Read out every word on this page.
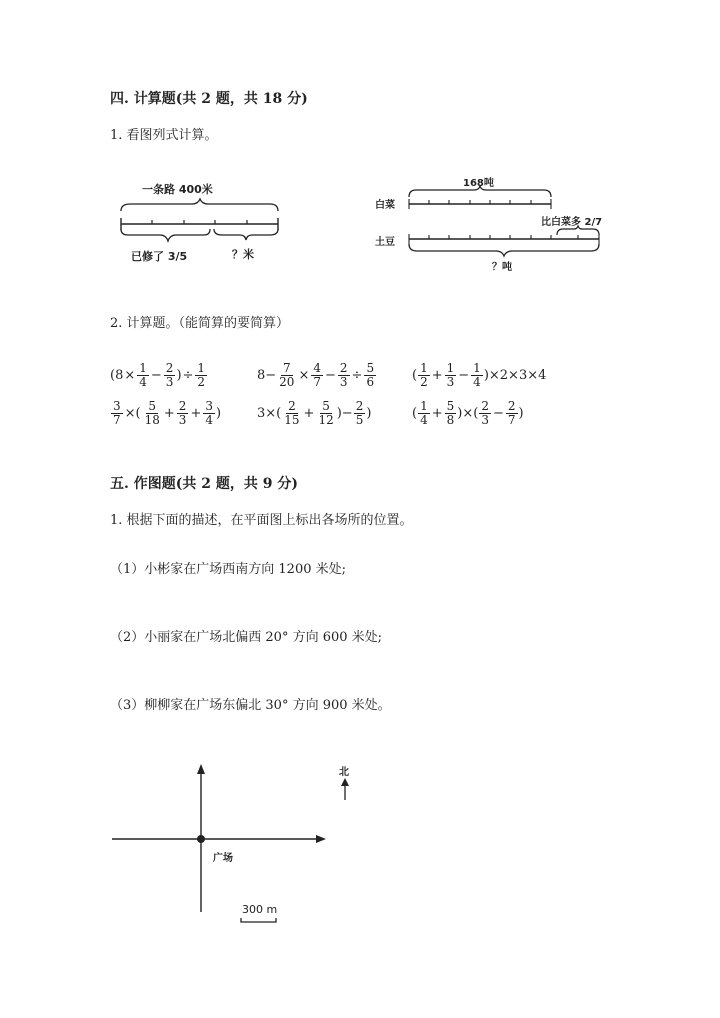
四. 计算题(共 2 题，共 18 分)
1. 看图列式计算。
一条路 400米
已修了 3/5	？米
168吨
白菜
土豆
比白菜多 2/7
？吨
2. 计算题。（能简算的要简算）
($8 \times \frac{1}{4} - \frac{2}{3}$ ) ÷ $\frac{1}{2}$	$8- \frac{7}{20} \times \frac{4}{7} - \frac{2}{3} \div \frac{5}{6}$	( $\frac{1}{2} + \frac{1}{3} - \frac{1}{4} )\times 2\times 3\times 4$
$\frac{3}{7}$ ×( $\frac{5}{18} + \frac{2}{3} + \frac{3}{4}$ )	$3\times( \frac{2}{15} + \frac{5}{12}$ )− $\frac{2}{5}$ )	( $\frac{1}{4} + \frac{5}{8}$ )×( $\frac{2}{3} - \frac{2}{7}$ )
五. 作图题(共 2 题，共 9 分)
1. 根据下面的描述，在平面图上标出各场所的位置。
（1）小彬家在广场西南方向 1200 米处;
（2）小丽家在广场北偏西 20° 方向 600 米处;
（3）柳柳家在广场东偏北 30° 方向 900 米处。
广场
北
300 m
